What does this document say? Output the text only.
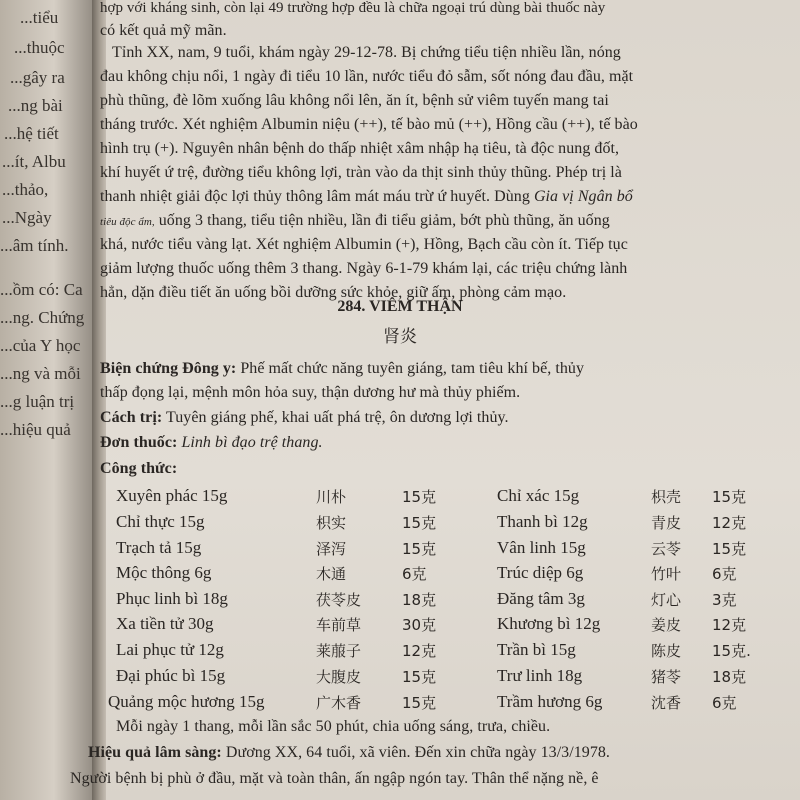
...tiểu
...thuộc
...gây ra
...ng bài
...hệ tiết
...ít, Albu
...thảo,
...Ngày
...âm tính.
...ồm có: Ca
...ng. Chứng
...của Y học
...ng và mỗi
...g luận trị
...hiệu quả
hợp với kháng sinh, còn lại 49 trường hợp đều là chữa ngoại trú dùng bài thuốc này
có kết quả mỹ mãn.
Tỉnh XX, nam, 9 tuổi, khám ngày 29-12-78. Bị chứng tiểu tiện nhiều lần, nóng
đau không chịu nổi, 1 ngày đi tiểu 10 lần, nước tiểu đỏ sẫm, sốt nóng đau đầu, mặt
phù thũng, đè lõm xuống lâu không nổi lên, ăn ít, bệnh sử viêm tuyến mang tai
tháng trước. Xét nghiệm Albumin niệu (++), tế bào mủ (++), Hồng cầu (++), tế bào
hình trụ (+). Nguyên nhân bệnh do thấp nhiệt xâm nhập hạ tiêu, tà độc nung đốt,
khí huyết ứ trệ, đường tiểu không lợi, tràn vào da thịt sinh thủy thũng. Phép trị là
thanh nhiệt giải độc lợi thủy thông lâm mát máu trừ ứ huyết. Dùng Gia vị Ngân bổ
tiêu độc ẩm, uống 3 thang, tiểu tiện nhiều, lần đi tiểu giảm, bớt phù thũng, ăn uống
khá, nước tiểu vàng lạt. Xét nghiệm Albumin (+), Hồng, Bạch cầu còn ít. Tiếp tục
giảm lượng thuốc uống thêm 3 thang. Ngày 6-1-79 khám lại, các triệu chứng lành
hẳn, dặn điều tiết ăn uống bồi dưỡng sức khỏe, giữ ấm, phòng cảm mạo.
284. VIÊM THẬN
肾炎
Biện chứng Đông y: Phế mất chức năng tuyên giáng, tam tiêu khí bế, thủy
thấp đọng lại, mệnh môn hỏa suy, thận dương hư mà thủy phiếm.
Cách trị: Tuyên giáng phế, khai uất phá trệ, ôn dương lợi thủy.
Đơn thuốc: Linh bì đạo trệ thang.
Công thức:
Xuyên phác 15g	川朴	15克	Chỉ xác 15g	枳壳 15克
Chỉ thực 15g	枳实	15克	Thanh bì 12g	青皮 12克
Trạch tả 15g	泽泻	15克	Vân linh 15g	云苓 15克
Mộc thông 6g	木通	6克	Trúc diệp 6g	竹叶 6克
Phục linh bì 18g	茯苓皮	18克	Đăng tâm 3g	灯心 3克
Xa tiền tử 30g	车前草	30克	Khương bì 12g	姜皮 12克
Lai phục tử 12g	莱菔子	12克	Trần bì 15g	陈皮 15克.
Đại phúc bì 15g	大腹皮	15克	Trư linh 18g	猪苓 18克
Quảng mộc hương 15g	广木香	15克	Trầm hương 6g	沈香 6克
Mỗi ngày 1 thang, mỗi lần sắc 50 phút, chia uống sáng, trưa, chiều.
Hiệu quả lâm sàng: Dương XX, 64 tuổi, xã viên. Đến xin chữa ngày 13/3/1978.
Người bệnh bị phù ở đầu, mặt và toàn thân, ấn ngập ngón tay. Thân thể nặng nề, ê
